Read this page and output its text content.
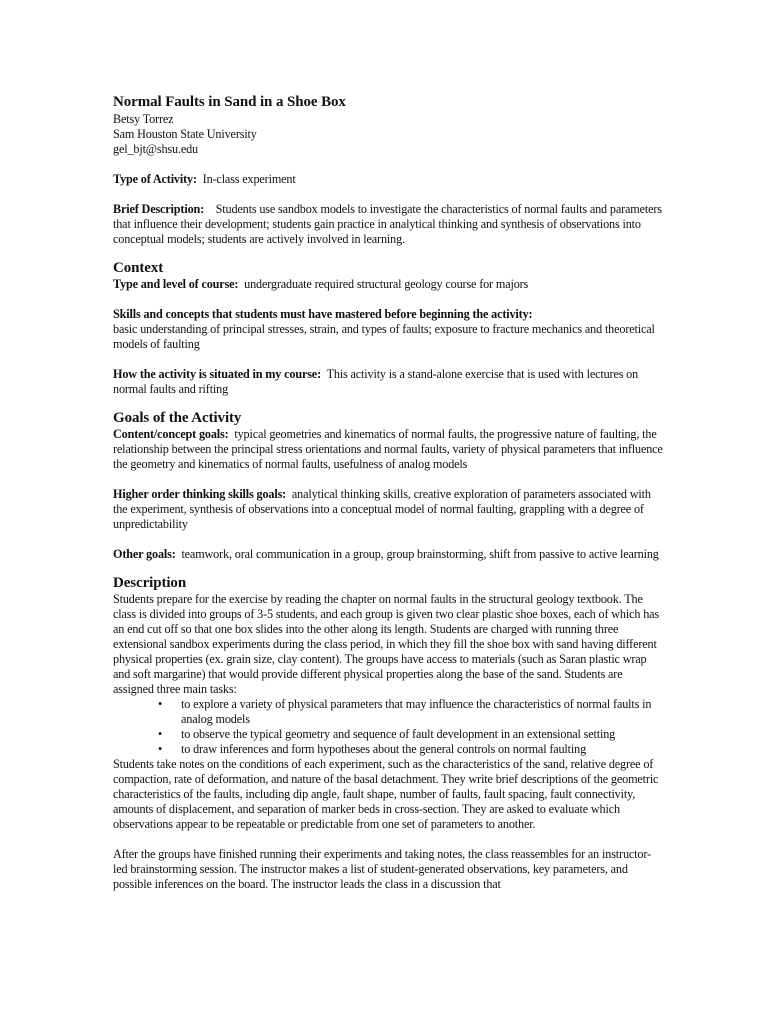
Normal Faults in Sand in a Shoe Box
Betsy Torrez
Sam Houston State University
gel_bjt@shsu.edu

Type of Activity: In-class experiment

Brief Description: Students use sandbox models to investigate the characteristics of normal faults and parameters that influence their development; students gain practice in analytical thinking and synthesis of observations into conceptual models; students are actively involved in learning.

Context

Type and level of course: undergraduate required structural geology course for majors

Skills and concepts that students must have mastered before beginning the activity:
basic understanding of principal stresses, strain, and types of faults; exposure to fracture mechanics and theoretical models of faulting

How the activity is situated in my course: This activity is a stand-alone exercise that is used with lectures on normal faults and rifting

Goals of the Activity

Content/concept goals: typical geometries and kinematics of normal faults, the progressive nature of faulting, the relationship between the principal stress orientations and normal faults, variety of physical parameters that influence the geometry and kinematics of normal faults, usefulness of analog models

Higher order thinking skills goals: analytical thinking skills, creative exploration of parameters associated with the experiment, synthesis of observations into a conceptual model of normal faulting, grappling with a degree of unpredictability

Other goals: teamwork, oral communication in a group, group brainstorming, shift from passive to active learning

Description

Students prepare for the exercise by reading the chapter on normal faults in the structural geology textbook. The class is divided into groups of 3-5 students, and each group is given two clear plastic shoe boxes, each of which has an end cut off so that one box slides into the other along its length. Students are charged with running three extensional sandbox experiments during the class period, in which they fill the shoe box with sand having different physical properties (ex. grain size, clay content). The groups have access to materials (such as Saran plastic wrap and soft margarine) that would provide different physical properties along the base of the sand. Students are assigned three main tasks:

• to explore a variety of physical parameters that may influence the characteristics of normal faults in analog models
• to observe the typical geometry and sequence of fault development in an extensional setting
• to draw inferences and form hypotheses about the general controls on normal faulting

Students take notes on the conditions of each experiment, such as the characteristics of the sand, relative degree of compaction, rate of deformation, and nature of the basal detachment. They write brief descriptions of the geometric characteristics of the faults, including dip angle, fault shape, number of faults, fault spacing, fault connectivity, amounts of displacement, and separation of marker beds in cross-section. They are asked to evaluate which observations appear to be repeatable or predictable from one set of parameters to another.

After the groups have finished running their experiments and taking notes, the class reassembles for an instructor-led brainstorming session. The instructor makes a list of student-generated observations, key parameters, and possible inferences on the board. The instructor leads the class in a discussion that
